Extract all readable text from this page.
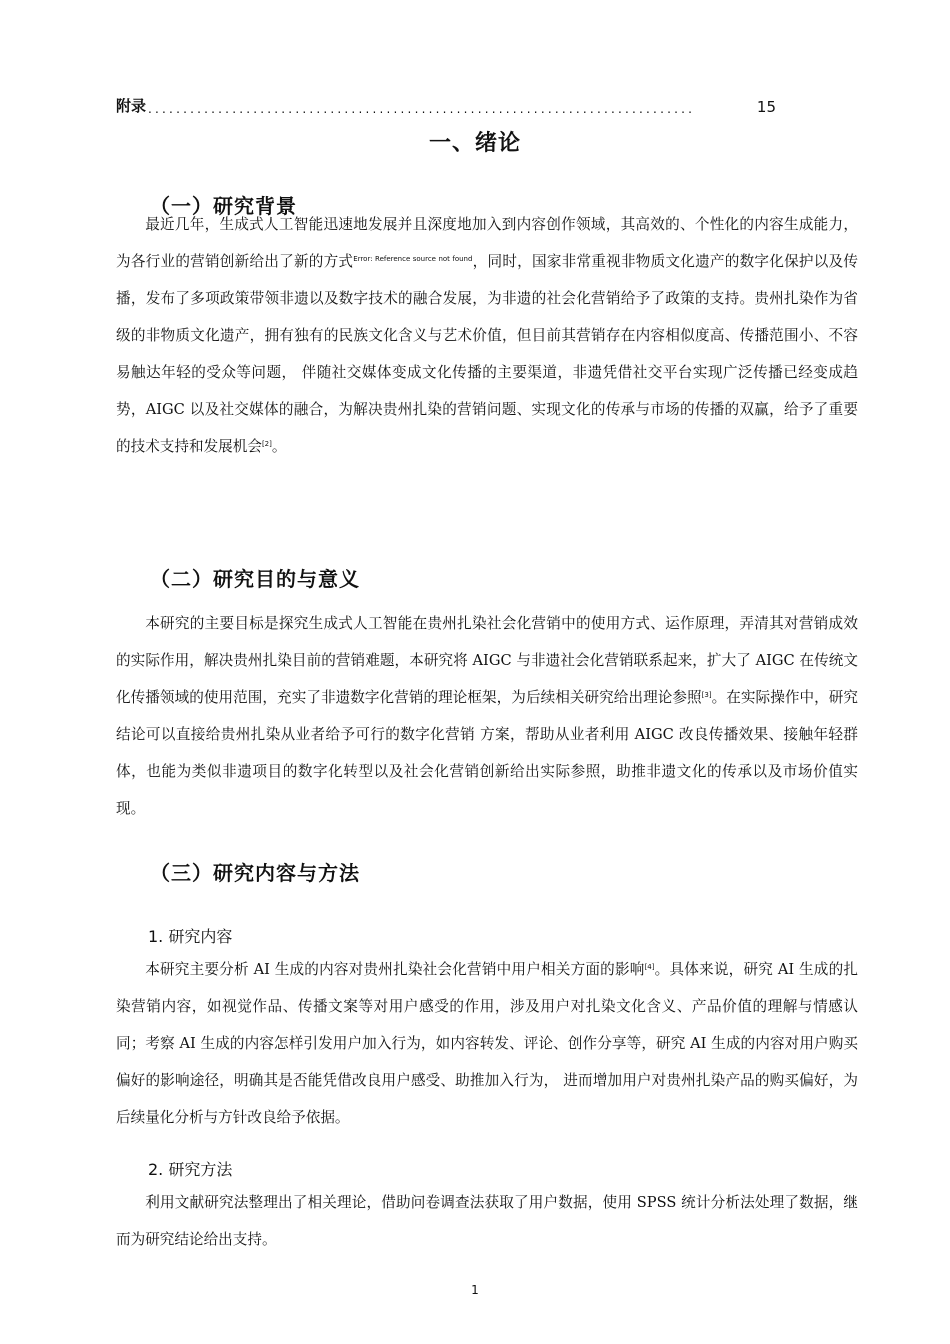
附录 ..............................................................................	15
一、绪论
（一）研究背景
最近几年，生成式人工智能迅速地发展并且深度地加入到内容创作领域，其高效的、个性化的内容生成能力， 为各行业的营销创新给出了新的方式$^{Error: Reference source not found}$，同时，国家非常重视非物质文化遗产的数字化保护以及传播，发布了多项政策带领非遗以及数字技术的融合发展，为非遗的社会化营销给予了政策的支持。贵州扎染作为省级的非物质文化遗产，拥有独有的民族文化含义与艺术价值，但目前其营销存在内容相似度高、传播范围小、不容易触达年轻的受众等问题， 伴随社交媒体变成文化传播的主要渠道，非遗凭借社交平台实现广泛传播已经变成趋势，AIGC 以及社交媒体的融合，为解决贵州扎染的营销问题、实现文化的传承与市场的传播的双赢，给予了重要的技术支持和发展机会[2]。
（二）研究目的与意义
本研究的主要目标是探究生成式人工智能在贵州扎染社会化营销中的使用方式、运作原理，弄清其对营销成效的实际作用，解决贵州扎染目前的营销难题，本研究将 AIGC 与非遗社会化营销联系起来，扩大了 AIGC 在传统文化传播领域的使用范围，充实了非遗数字化营销的理论框架，为后续相关研究给出理论参照[3]。在实际操作中，研究结论可以直接给贵州扎染从业者给予可行的数字化营销 方案，帮助从业者利用 AIGC 改良传播效果、接触年轻群体，也能为类似非遗项目的数字化转型以及社会化营销创新给出实际参照，助推非遗文化的传承以及市场价值实现。
（三）研究内容与方法
1. 研究内容
本研究主要分析 AI 生成的内容对贵州扎染社会化营销中用户相关方面的影响[4]。具体来说，研究 AI 生成的扎染营销内容，如视觉作品、传播文案等对用户感受的作用，涉及用户对扎染文化含义、产品价值的理解与情感认同；考察 AI 生成的内容怎样引发用户加入行为，如内容转发、评论、创作分享等，研究 AI 生成的内容对用户购买偏好的影响途径，明确其是否能凭借改良用户感受、助推加入行为， 进而增加用户对贵州扎染产品的购买偏好，为后续量化分析与方针改良给予依据。
2. 研究方法
利用文献研究法整理出了相关理论，借助问卷调查法获取了用户数据，使用 SPSS 统计分析法处理了数据，继而为研究结论给出支持。
1
